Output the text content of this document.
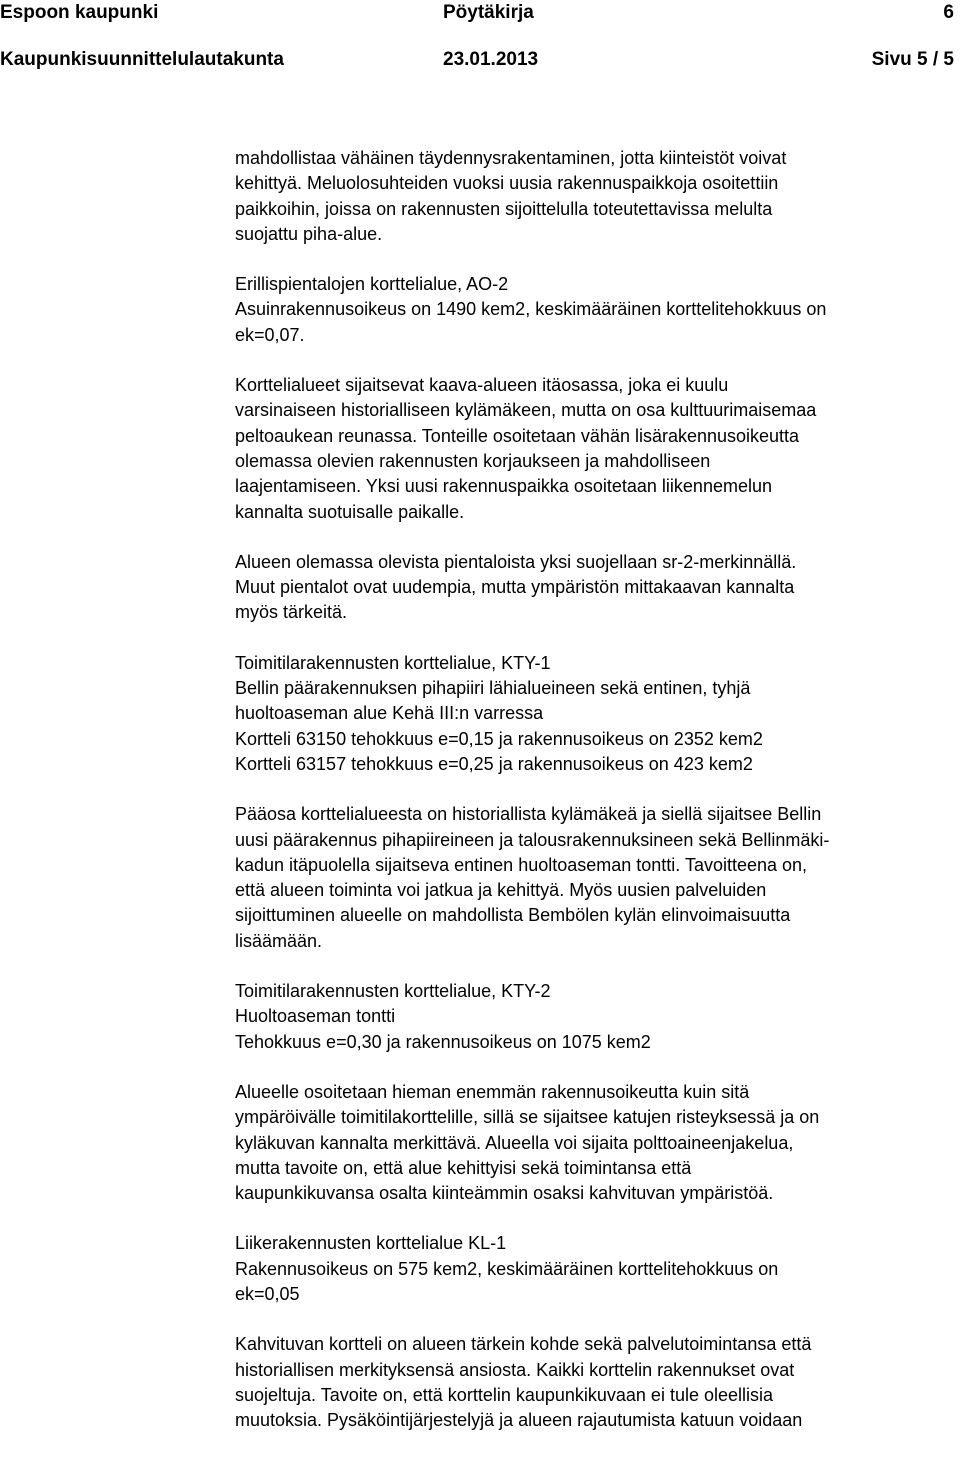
Espoon kaupunki	Pöytäkirja	6
Kaupunkisuunnittelulautakunta	23.01.2013	Sivu 5 / 5
mahdollistaa vähäinen täydennysrakentaminen, jotta kiinteistöt voivat
kehittyä. Meluolosuhteiden vuoksi uusia rakennuspaikkoja osoitettiin
paikkoihin, joissa on rakennusten sijoittelulla toteutettavissa melulta
suojattu piha-alue.
Erillispientalojen korttelialue, AO-2
Asuinrakennusoikeus on 1490 kem2, keskimääräinen korttelitehokkuus on
ek=0,07.
Korttelialueet sijaitsevat kaava-alueen itäosassa, joka ei kuulu
varsinaiseen historialliseen kylämäkeen, mutta on osa kulttuurimaisemaa
peltoaukean reunassa. Tonteille osoitetaan vähän lisärakennusoikeutta
olemassa olevien rakennusten korjaukseen ja mahdolliseen
laajentamiseen. Yksi uusi rakennuspaikka osoitetaan liikennemelun
kannalta suotuisalle paikalle.
Alueen olemassa olevista pientaloista yksi suojellaan sr-2-merkinnällä.
Muut pientalot ovat uudempia, mutta ympäristön mittakaavan kannalta
myös tärkeitä.
Toimitilarakennusten korttelialue, KTY-1
Bellin päärakennuksen pihapiiri lähialueineen sekä entinen, tyhjä
huoltoaseman alue Kehä III:n varressa
Kortteli 63150 tehokkuus e=0,15 ja rakennusoikeus on 2352 kem2
Kortteli 63157 tehokkuus e=0,25 ja rakennusoikeus on 423 kem2
Pääosa korttelialueesta on historiallista kylämäkeä ja siellä sijaitsee Bellin
uusi päärakennus pihapiireineen ja talousrakennuksineen sekä Bellinmäki-
kadun itäpuolella sijaitseva entinen huoltoaseman tontti. Tavoitteena on,
että alueen toiminta voi jatkua ja kehittyä. Myös uusien palveluiden
sijoittuminen alueelle on mahdollista Bembölen kylän elinvoimaisuutta
lisäämään.
Toimitilarakennusten korttelialue, KTY-2
Huoltoaseman tontti
Tehokkuus e=0,30 ja rakennusoikeus on 1075 kem2
Alueelle osoitetaan hieman enemmän rakennusoikeutta kuin sitä
ympäröivälle toimitilakorttelille, sillä se sijaitsee katujen risteyksessä ja on
kyläkuvan kannalta merkittävä. Alueella voi sijaita polttoaineenjakelua,
mutta tavoite on, että alue kehittyisi sekä toimintansa että
kaupunkikuvansa osalta kiinteämmin osaksi kahvituvan ympäristöä.
Liikerakennusten korttelialue KL-1
Rakennusoikeus on 575 kem2, keskimääräinen korttelitehokkuus on
ek=0,05
Kahvituvan kortteli on alueen tärkein kohde sekä palvelutoimintansa että
historiallisen merkityksensä ansiosta. Kaikki korttelin rakennukset ovat
suojeltuja. Tavoite on, että korttelin kaupunkikuvaan ei tule oleellisia
muutoksia. Pysäköintijärjestelyjä ja alueen rajautumista katuun voidaan
